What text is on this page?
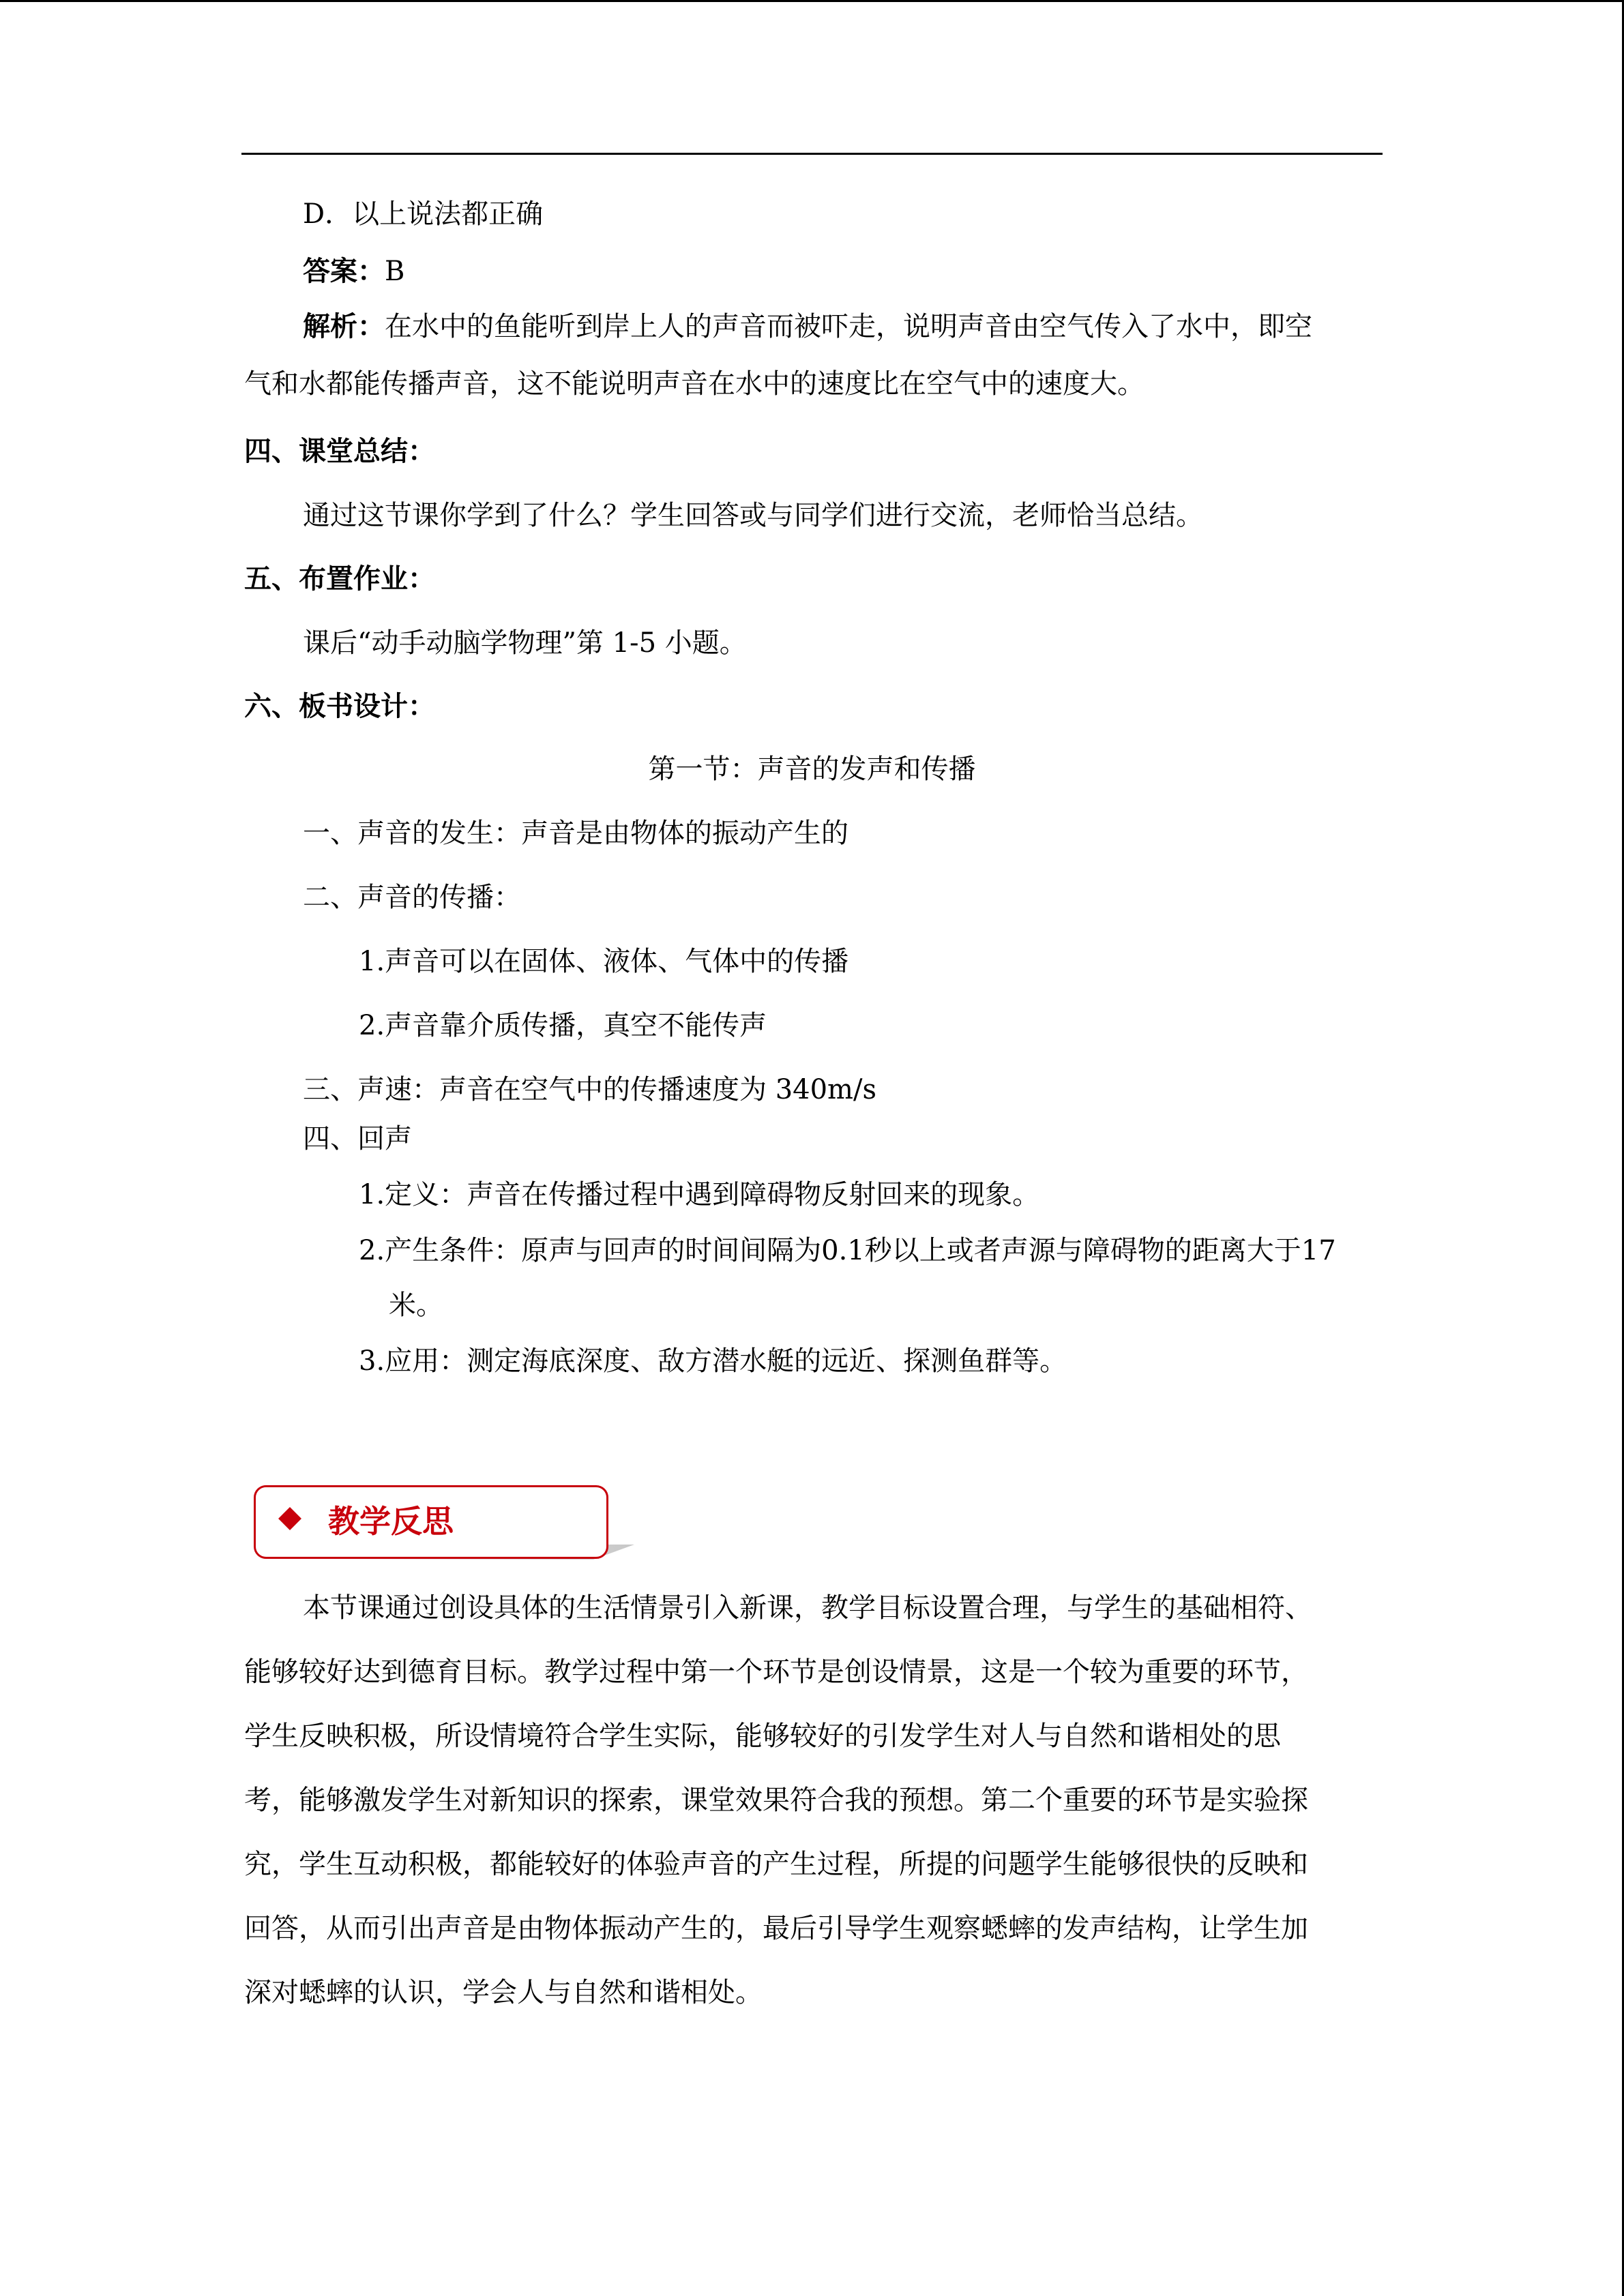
D．以上说法都正确
答案：B
解析：在水中的鱼能听到岸上人的声音而被吓走，说明声音由空气传入了水中，即空
气和水都能传播声音，这不能说明声音在水中的速度比在空气中的速度大。
四、课堂总结：
通过这节课你学到了什么？学生回答或与同学们进行交流，老师恰当总结。
五、布置作业：
课后“动手动脑学物理”第 1-5 小题。
六、板书设计：
第一节：声音的发声和传播
一、声音的发生：声音是由物体的振动产生的
二、声音的传播：
1.声音可以在固体、液体、气体中的传播
2.声音靠介质传播，真空不能传声
三、声速：声音在空气中的传播速度为 340m/s
四、回声
1.定义：声音在传播过程中遇到障碍物反射回来的现象。
2.产生条件：原声与回声的时间间隔为0.1秒以上或者声源与障碍物的距离大于17
米。
3.应用：测定海底深度、敌方潜水艇的远近、探测鱼群等。
教学反思
本节课通过创设具体的生活情景引入新课，教学目标设置合理，与学生的基础相符、
能够较好达到德育目标。教学过程中第一个环节是创设情景，这是一个较为重要的环节，
学生反映积极，所设情境符合学生实际，能够较好的引发学生对人与自然和谐相处的思
考，能够激发学生对新知识的探索，课堂效果符合我的预想。第二个重要的环节是实验探
究，学生互动积极，都能较好的体验声音的产生过程，所提的问题学生能够很快的反映和
回答，从而引出声音是由物体振动产生的，最后引导学生观察蟋蟀的发声结构，让学生加
深对蟋蟀的认识，学会人与自然和谐相处。
